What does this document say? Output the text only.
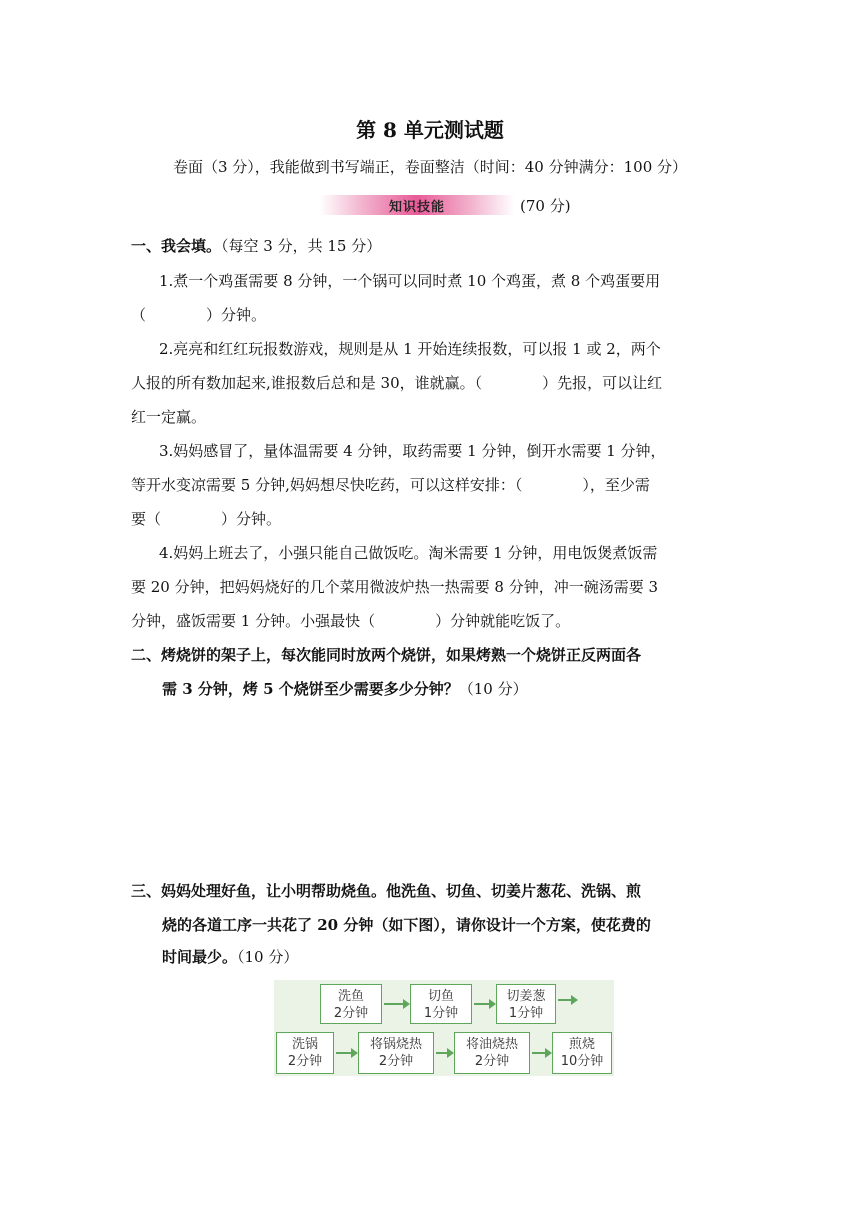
第 8 单元测试题
卷面（3 分），我能做到书写端正，卷面整洁（时间：40 分钟满分：100 分）
知识技能	(70 分)
一、我会填。（每空 3 分，共 15 分）
1.煮一个鸡蛋需要 8 分钟，一个锅可以同时煮 10 个鸡蛋，煮 8 个鸡蛋要用
（　　　　）分钟。
2.亮亮和红红玩报数游戏，规则是从 1 开始连续报数，可以报 1 或 2，两个
人报的所有数加起来,谁报数后总和是 30，谁就赢。（　　　　）先报，可以让红
红一定赢。
3.妈妈感冒了，量体温需要 4 分钟，取药需要 1 分钟，倒开水需要 1 分钟，
等开水变凉需要 5 分钟,妈妈想尽快吃药，可以这样安排：（　　　　），至少需
要（　　　　）分钟。
4.妈妈上班去了，小强只能自己做饭吃。淘米需要 1 分钟，用电饭煲煮饭需
要 20 分钟，把妈妈烧好的几个菜用微波炉热一热需要 8 分钟，冲一碗汤需要 3
分钟，盛饭需要 1 分钟。小强最快（　　　　）分钟就能吃饭了。
二、烤烧饼的架子上，每次能同时放两个烧饼，如果烤熟一个烧饼正反两面各
需 3 分钟，烤 5 个烧饼至少需要多少分钟？（10 分）
三、妈妈处理好鱼，让小明帮助烧鱼。他洗鱼、切鱼、切姜片葱花、洗锅、煎
烧的各道工序一共花了 20 分钟（如下图），请你设计一个方案，使花费的
时间最少。（10 分）
洗鱼
2分钟
切鱼
1分钟
切姜葱
1分钟
洗锅
2分钟
将锅烧热
2分钟
将油烧热
2分钟
煎烧
10分钟
